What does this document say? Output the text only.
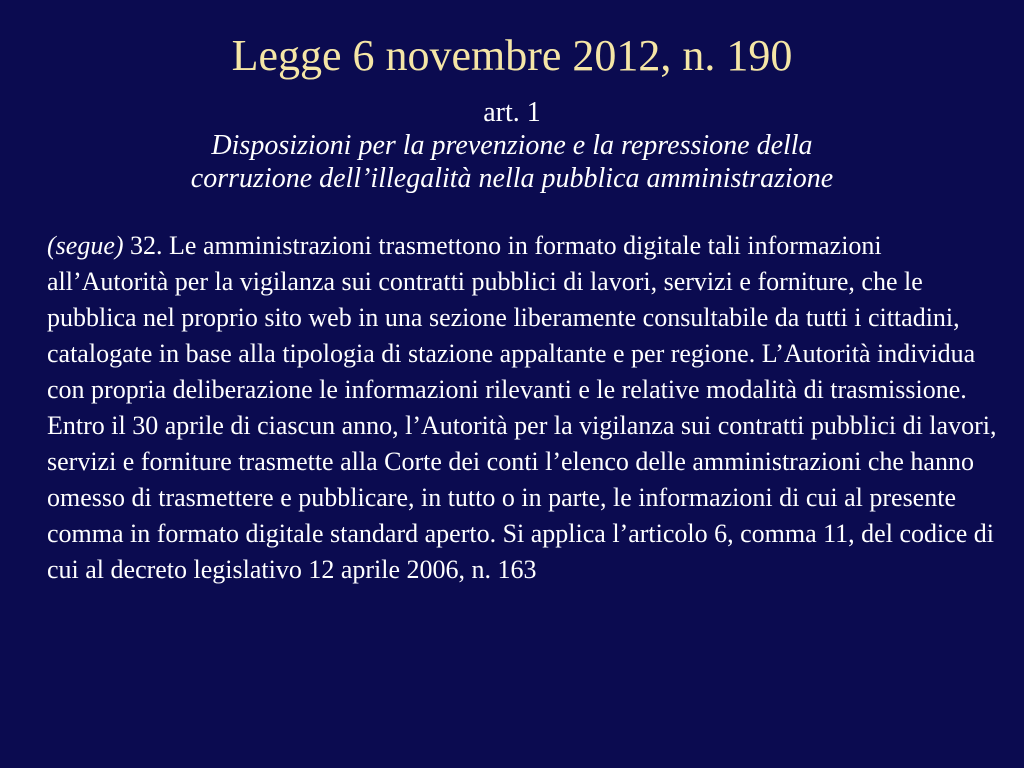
Legge 6 novembre 2012, n. 190
art. 1
Disposizioni per la prevenzione e la repressione della
corruzione dell’illegalità nella pubblica amministrazione

(segue) 32. Le amministrazioni trasmettono in formato digitale tali informazioni all’Autorità per la vigilanza sui contratti pubblici di lavori, servizi e forniture, che le pubblica nel proprio sito web in una sezione liberamente consultabile da tutti i cittadini, catalogate in base alla tipologia di stazione appaltante e per regione. L’Autorità individua con propria deliberazione le informazioni rilevanti e le relative modalità di trasmissione. Entro il 30 aprile di ciascun anno, l’Autorità per la vigilanza sui contratti pubblici di lavori, servizi e forniture trasmette alla Corte dei conti l’elenco delle amministrazioni che hanno omesso di trasmettere e pubblicare, in tutto o in parte, le informazioni di cui al presente comma in formato digitale standard aperto. Si applica l’articolo 6, comma 11, del codice di cui al decreto legislativo 12 aprile 2006, n. 163
